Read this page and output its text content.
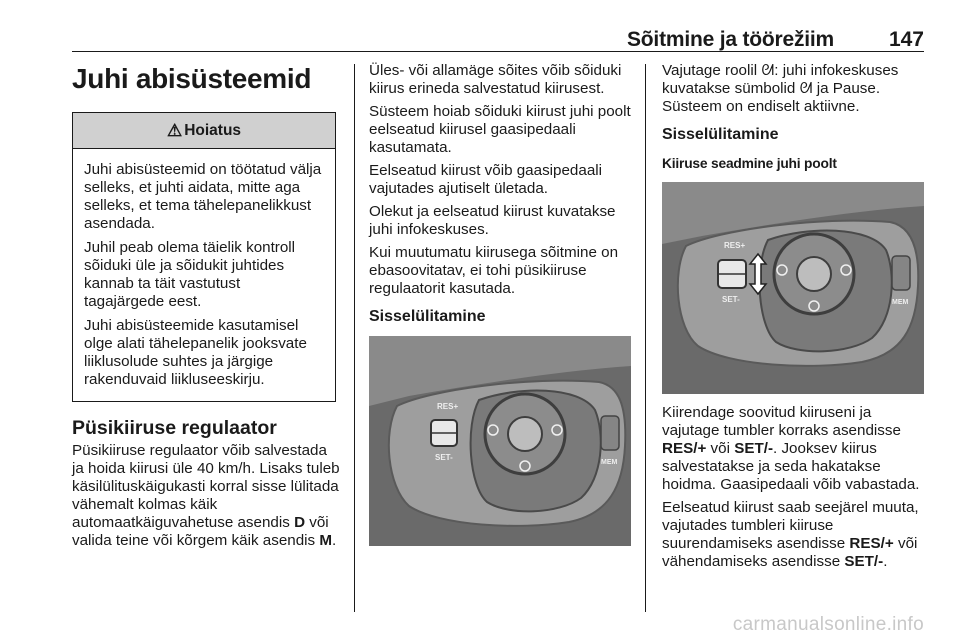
Sõitmine ja töörežiim	147
Juhi abisüsteemid
⚠ Hoiatus

Juhi abisüsteemid on töötatud välja selleks, et juhti aidata, mitte aga selleks, et tema tähelepanelikkust asendada.

Juhil peab olema täielik kontroll sõiduki üle ja sõidukit juhtides kannab ta täit vastutust tagajärgede eest.

Juhi abisüsteemide kasutamisel olge alati tähelepanelik jooksvate liiklusolude suhtes ja järgige rakenduvaid liikluseeskirju.

Püsikiiruse regulaator

Püsikiiruse regulaator võib salvestada ja hoida kiirusi üle 40 km/h. Lisaks tuleb käsilülituskäigukasti korral sisse lülitada vähemalt kolmas käik automaatkäiguvahetuse asendis D või valida teine või kõrgem käik asendis M.

Üles- või allamäge sõites võib sõiduki kiirus erineda salvestatud kiirusest.

Süsteem hoiab sõiduki kiirust juhi poolt eelseatud kiirusel gaasipedaali kasutamata.

Eelseatud kiirust võib gaasipedaali vajutades ajutiselt ületada.

Olekut ja eelseatud kiirust kuvatakse juhi infokeskuses.

Kui muutumatu kiirusega sõitmine on ebasoovitatav, ei tohi püsikiiruse regulaatorit kasutada.

Sisselülitamine
RES+
SET-
MEM

Vajutage roolil ᘛ: juhi infokeskuses kuvatakse sümbolid ᘛ ja Pause. Süsteem on endiselt aktiivne.

Sisselülitamine
Kiiruse seadmine juhi poolt
RES+
SET-	MEM

Kiirendage soovitud kiiruseni ja vajutage tumbler korraks asendisse RES/+ või SET/-. Jooksev kiirus salvestatakse ja seda hakatakse hoidma. Gaasipedaali võib vabastada.

Eelseatud kiirust saab seejärel muuta, vajutades tumbleri kiiruse suurendamiseks asendisse RES/+ või vähendamiseks asendisse SET/-.

carmanualsonline.info
